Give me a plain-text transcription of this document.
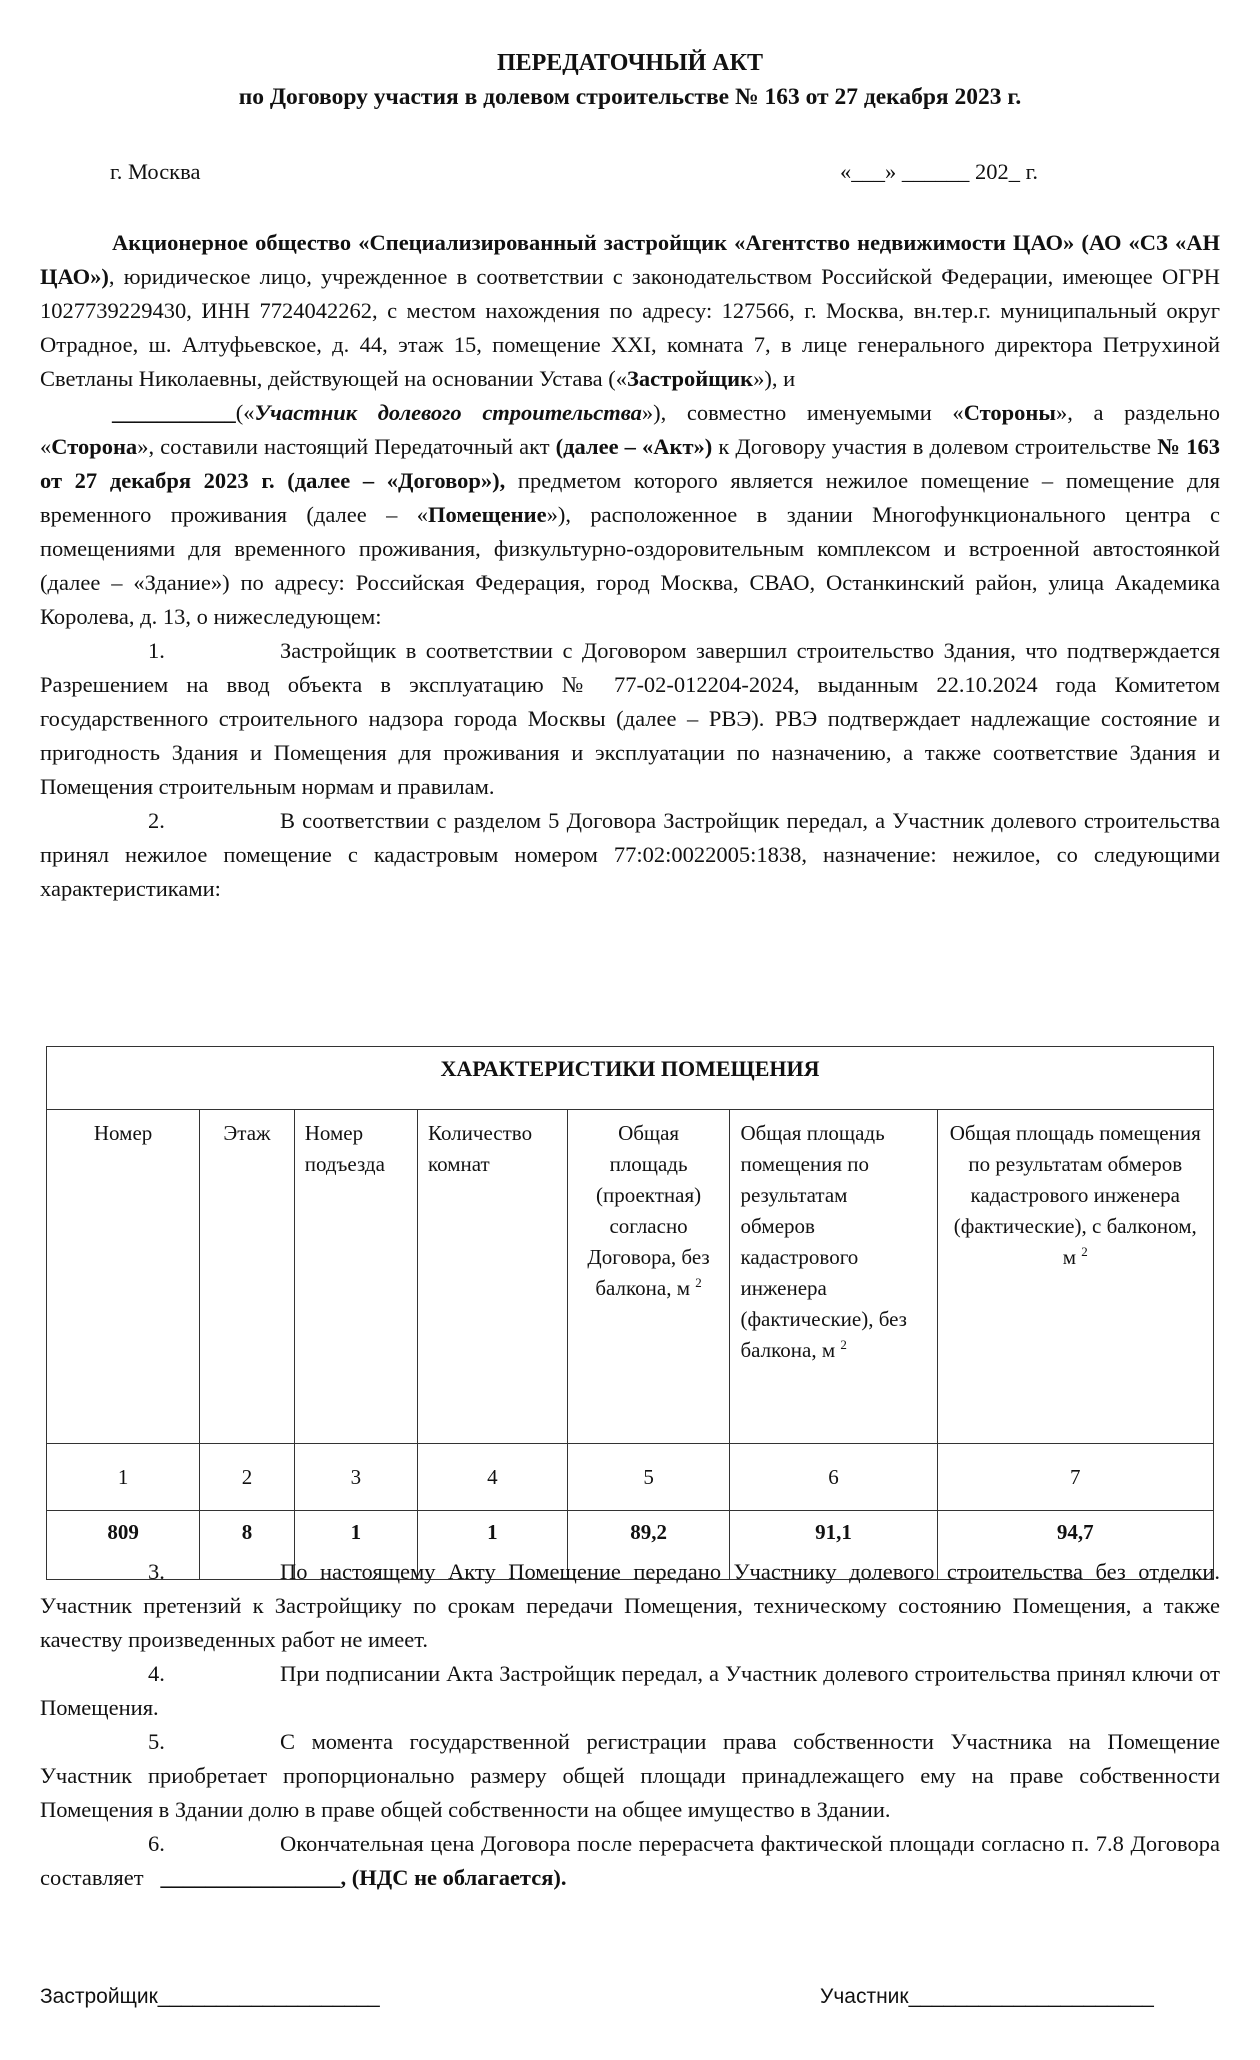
ПЕРЕДАТОЧНЫЙ АКТ
по Договору участия в долевом строительстве № 163 от 27 декабря 2023 г.
г. Москва	«___» ______ 202_ г.

Акционерное общество «Специализированный застройщик «Агентство недвижимости ЦАО» (АО «СЗ «АН ЦАО»), юридическое лицо, учрежденное в соответствии с законодательством Российской Федерации, имеющее ОГРН 1027739229430, ИНН 7724042262, с местом нахождения по адресу: 127566, г. Москва, вн.тер.г. муниципальный округ Отрадное, ш. Алтуфьевское, д. 44, этаж 15, помещение XXI, комната 7, в лице генерального директора Петрухиной Светланы Николаевны, действующей на основании Устава («Застройщик»), и

___________(«Участник долевого строительства»), совместно именуемыми «Стороны», а раздельно «Сторона», составили настоящий Передаточный акт (далее – «Акт») к Договору участия в долевом строительстве № 163 от 27 декабря 2023 г. (далее – «Договор»), предметом которого является нежилое помещение – помещение для временного проживания (далее – «Помещение»), расположенное в здании Многофункционального центра с помещениями для временного проживания, физкультурно-оздоровительным комплексом и встроенной автостоянкой (далее – «Здание») по адресу: Российская Федерация, город Москва, СВАО, Останкинский район, улица Академика Королева, д. 13, о нижеследующем:

1.	Застройщик в соответствии с Договором завершил строительство Здания, что подтверждается Разрешением на ввод объекта в эксплуатацию № 77-02-012204-2024, выданным 22.10.2024 года Комитетом государственного строительного надзора города Москвы (далее – РВЭ). РВЭ подтверждает надлежащие состояние и пригодность Здания и Помещения для проживания и эксплуатации по назначению, а также соответствие Здания и Помещения строительным нормам и правилам.

2.	В соответствии с разделом 5 Договора Застройщик передал, а Участник долевого строительства принял нежилое помещение с кадастровым номером 77:02:0022005:1838, назначение: нежилое, со следующими характеристиками:

ХАРАКТЕРИСТИКИ ПОМЕЩЕНИЯ						
Номер	Этаж	Номер подъезда	Количество комнат	Общая площадь (проектная) согласно Договора, без балкона, м $^2$	Общая площадь помещения по результатам обмеров кадастрового инженера (фактические), без балкона, м $^2$	Общая площадь помещения по результатам обмеров кадастрового инженера (фактические), с балконом, м $^2$
1	2	3	4	5	6	7
809	8	1	1	89,2	91,1	94,7

3.	По настоящему Акту Помещение передано Участнику долевого строительства без отделки. Участник претензий к Застройщику по срокам передачи Помещения, техническому состоянию Помещения, а также качеству произведенных работ не имеет.

4.	При подписании Акта Застройщик передал, а Участник долевого строительства принял ключи от Помещения.

5.	С момента государственной регистрации права собственности Участника на Помещение Участник приобретает пропорционально размеру общей площади принадлежащего ему на праве собственности Помещения в Здании долю в праве общей собственности на общее имущество в Здании.

6.	Окончательная цена Договора после перерасчета фактической площади согласно п. 7.8 Договора составляет ________________, (НДС не облагается).

Застройщик___________________	Участник_____________________
